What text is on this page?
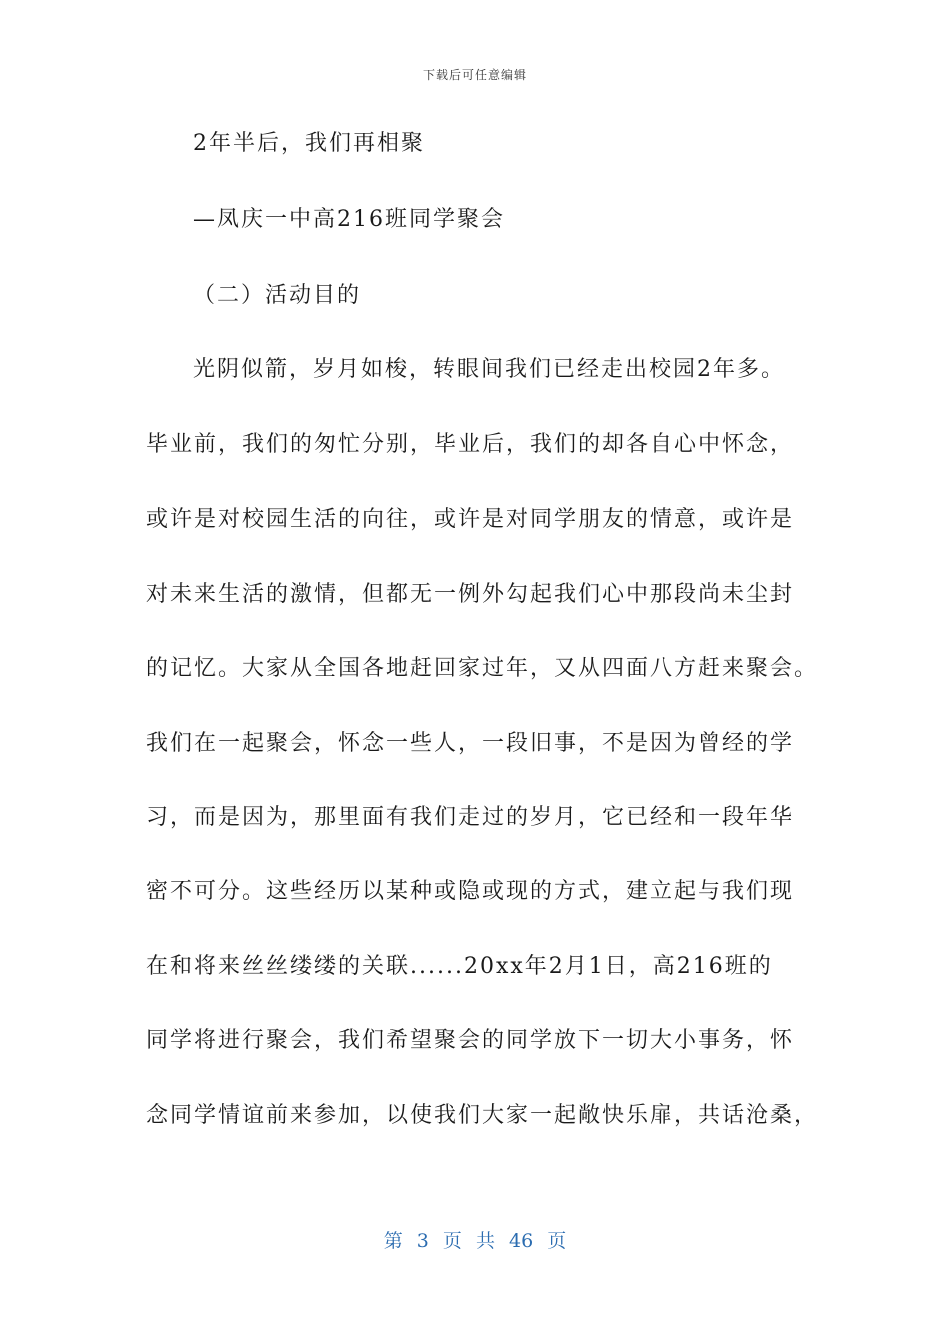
下载后可任意编辑
2年半后，我们再相聚
—凤庆一中高216班同学聚会
（二）活动目的
光阴似箭，岁月如梭，转眼间我们已经走出校园2年多。
毕业前，我们的匆忙分别，毕业后，我们的却各自心中怀念，
或许是对校园生活的向往，或许是对同学朋友的情意，或许是
对未来生活的激情，但都无一例外勾起我们心中那段尚未尘封
的记忆。大家从全国各地赶回家过年，又从四面八方赶来聚会。
我们在一起聚会，怀念一些人，一段旧事，不是因为曾经的学
习，而是因为，那里面有我们走过的岁月，它已经和一段年华
密不可分。这些经历以某种或隐或现的方式，建立起与我们现
在和将来丝丝缕缕的关联......20xx年2月1日，高216班的
同学将进行聚会，我们希望聚会的同学放下一切大小事务，怀
念同学情谊前来参加，以使我们大家一起敞快乐扉，共话沧桑，
第 3 页 共 46 页
